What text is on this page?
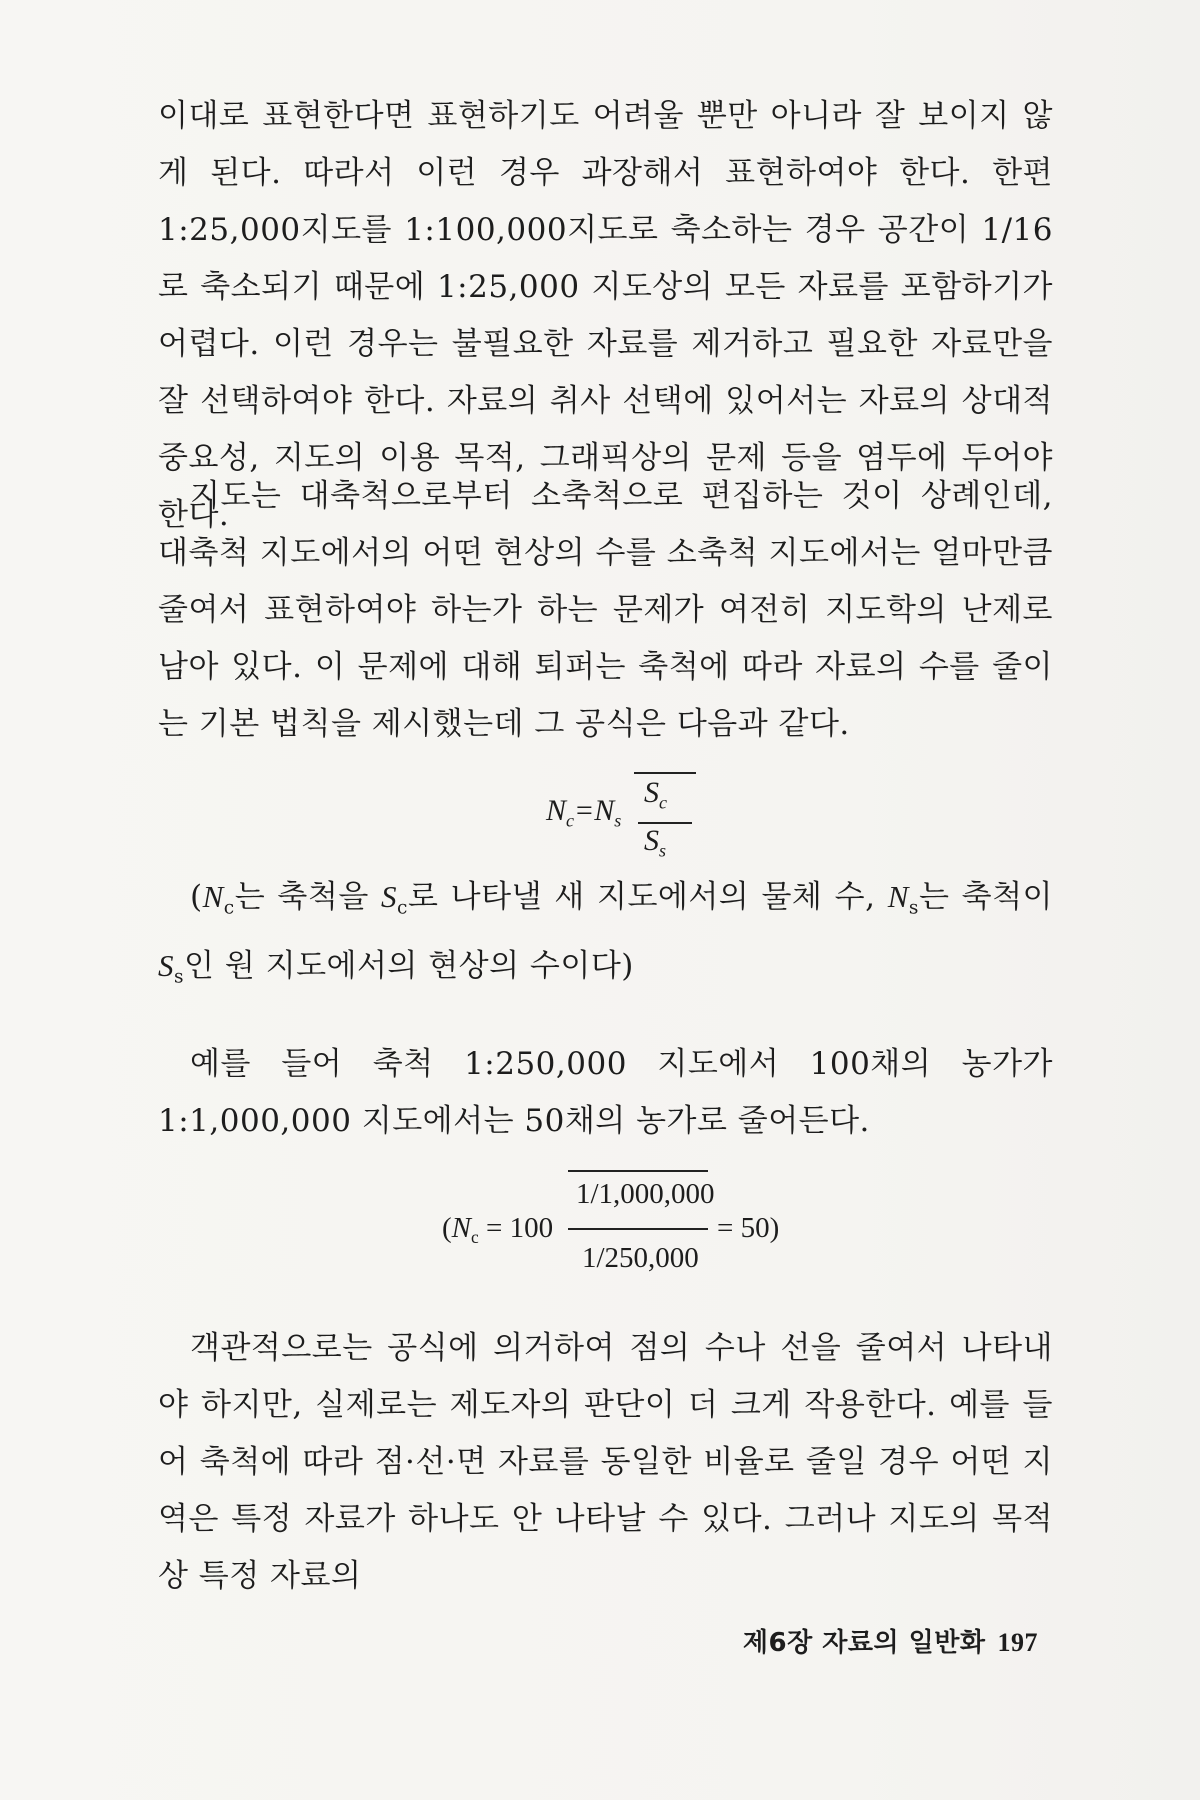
이대로 표현한다면 표현하기도 어려울 뿐만 아니라 잘 보이지 않게 된다. 따라서 이런 경우 과장해서 표현하여야 한다. 한편 1:25,000지도를 1:100,000지도로 축소하는 경우 공간이 1/16로 축소되기 때문에 1:25,000 지도상의 모든 자료를 포함하기가 어렵다. 이런 경우는 불필요한 자료를 제거하고 필요한 자료만을 잘 선택하여야 한다. 자료의 취사 선택에 있어서는 자료의 상대적 중요성, 지도의 이용 목적, 그래픽상의 문제 등을 염두에 두어야 한다.
지도는 대축척으로부터 소축척으로 편집하는 것이 상례인데, 대축척 지도에서의 어떤 현상의 수를 소축척 지도에서는 얼마만큼 줄여서 표현하여야 하는가 하는 문제가 여전히 지도학의 난제로 남아 있다. 이 문제에 대해 퇴퍼는 축척에 따라 자료의 수를 줄이는 기본 법칙을 제시했는데 그 공식은 다음과 같다.
$N_c=N_s$
$S_c$
$S_s$
($N_c$는 축척을 $S_c$로 나타낼 새 지도에서의 물체 수, $N_s$는 축척이 $S_s$인 원 지도에서의 현상의 수이다)
예를 들어 축척 1:250,000 지도에서 100채의 농가가 1:1,000,000 지도에서는 50채의 농가로 줄어든다.
($N_c = 100$
1/1,000,000
1/250,000
= 50)
객관적으로는 공식에 의거하여 점의 수나 선을 줄여서 나타내야 하지만, 실제로는 제도자의 판단이 더 크게 작용한다. 예를 들어 축척에 따라 점·선·면 자료를 동일한 비율로 줄일 경우 어떤 지역은 특정 자료가 하나도 안 나타날 수 있다. 그러나 지도의 목적상 특정 자료의
제6장 자료의 일반화 197
